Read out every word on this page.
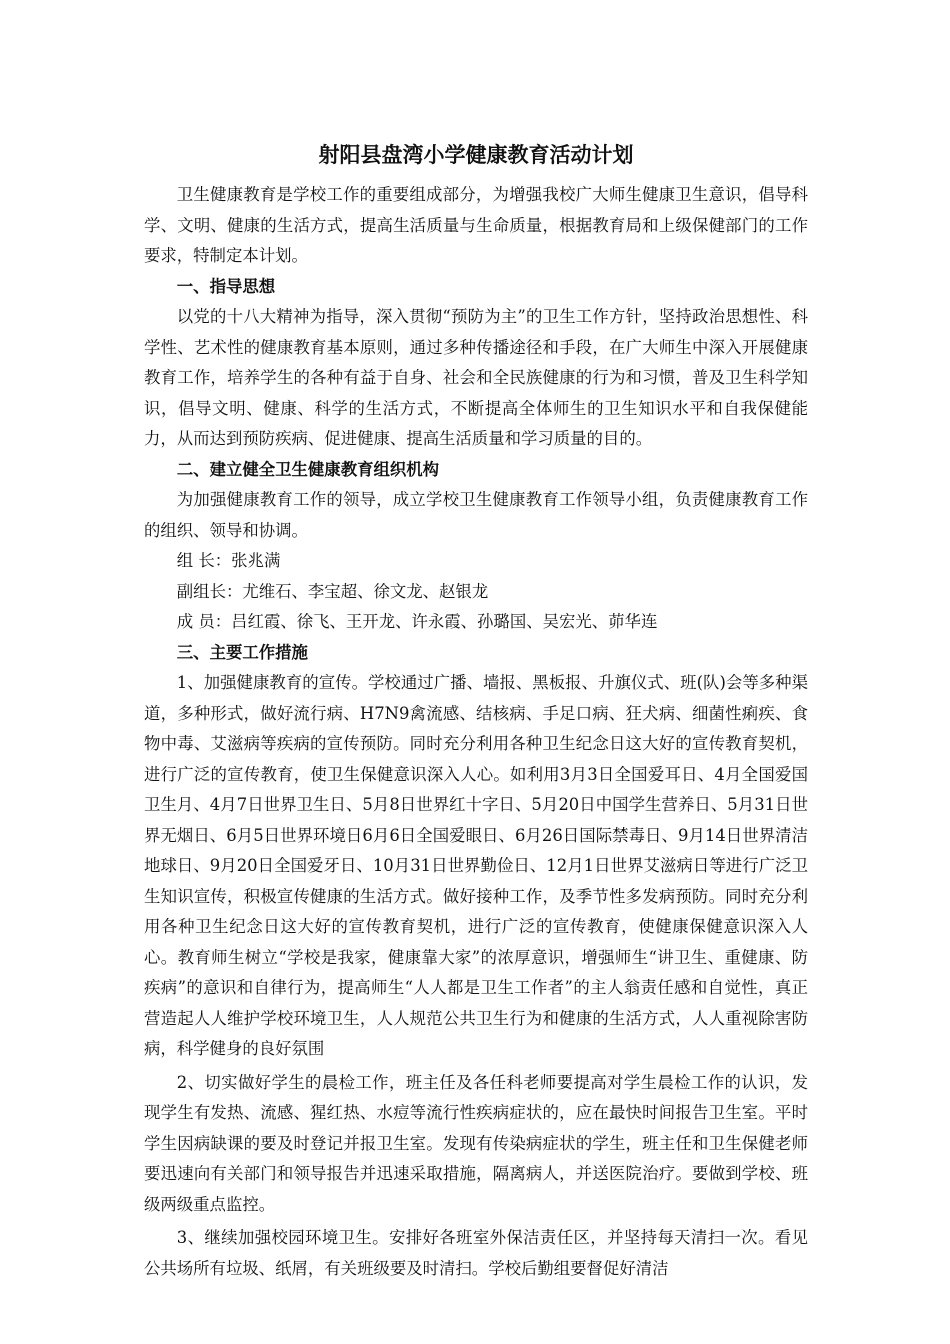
射阳县盘湾小学健康教育活动计划

卫生健康教育是学校工作的重要组成部分，为增强我校广大师生健康卫生意识，倡导科学、文明、健康的生活方式，提高生活质量与生命质量，根据教育局和上级保健部门的工作要求，特制定本计划。

一、指导思想

以党的十八大精神为指导，深入贯彻“预防为主”的卫生工作方针，坚持政治思想性、科学性、艺术性的健康教育基本原则，通过多种传播途径和手段，在广大师生中深入开展健康教育工作，培养学生的各种有益于自身、社会和全民族健康的行为和习惯，普及卫生科学知识，倡导文明、健康、科学的生活方式，不断提高全体师生的卫生知识水平和自我保健能力，从而达到预防疾病、促进健康、提高生活质量和学习质量的目的。

二、建立健全卫生健康教育组织机构

为加强健康教育工作的领导，成立学校卫生健康教育工作领导小组，负责健康教育工作的组织、领导和协调。

组 长：张兆满

副组长：尤维石、李宝超、徐文龙、赵银龙

成 员：吕红霞、徐飞、王开龙、许永霞、孙璐国、吴宏光、茆华连

三、主要工作措施

1、加强健康教育的宣传。学校通过广播、墙报、黑板报、升旗仪式、班(队)会等多种渠道，多种形式，做好流行病、H7N9禽流感、结核病、手足口病、狂犬病、细菌性痢疾、食物中毒、艾滋病等疾病的宣传预防。同时充分利用各种卫生纪念日这大好的宣传教育契机，进行广泛的宣传教育，使卫生保健意识深入人心。如利用3月3日全国爱耳日、4月全国爱国卫生月、4月7日世界卫生日、5月8日世界红十字日、5月20日中国学生营养日、5月31日世界无烟日、6月5日世界环境日6月6日全国爱眼日、6月26日国际禁毒日、9月14日世界清洁地球日、9月20日全国爱牙日、10月31日世界勤俭日、12月1日世界艾滋病日等进行广泛卫生知识宣传，积极宣传健康的生活方式。做好接种工作，及季节性多发病预防。同时充分利用各种卫生纪念日这大好的宣传教育契机，进行广泛的宣传教育，使健康保健意识深入人心。教育师生树立“学校是我家，健康靠大家”的浓厚意识，增强师生“讲卫生、重健康、防疾病”的意识和自律行为，提高师生“人人都是卫生工作者”的主人翁责任感和自觉性，真正营造起人人维护学校环境卫生，人人规范公共卫生行为和健康的生活方式，人人重视除害防病，科学健身的良好氛围

2、切实做好学生的晨检工作，班主任及各任科老师要提高对学生晨检工作的认识，发现学生有发热、流感、猩红热、水痘等流行性疾病症状的，应在最快时间报告卫生室。平时学生因病缺课的要及时登记并报卫生室。发现有传染病症状的学生，班主任和卫生保健老师要迅速向有关部门和领导报告并迅速采取措施，隔离病人，并送医院治疗。要做到学校、班级两级重点监控。

3、继续加强校园环境卫生。安排好各班室外保洁责任区，并坚持每天清扫一次。看见公共场所有垃圾、纸屑，有关班级要及时清扫。学校后勤组要督促好清洁
